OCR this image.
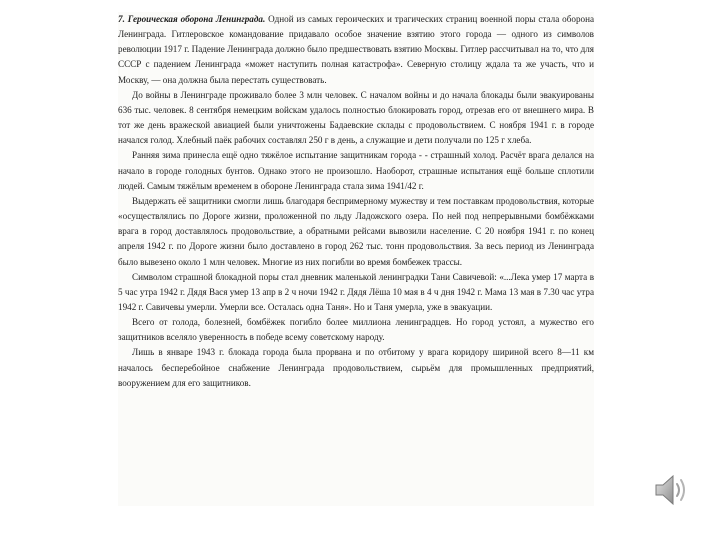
7. Героическая оборона Ленинграда. Одной из самых героических и трагических страниц военной поры стала оборона Ленинграда. Гитлеровское командование придавало особое значение взятию этого города — одного из символов революции 1917 г. Падение Ленинграда должно было предшествовать взятию Москвы. Гитлер рассчитывал на то, что для СССР с падением Ленинграда «может наступить полная катастрофа». Северную столицу ждала та же участь, что и Москву, — она должна была перестать существовать.

До войны в Ленинграде проживало более 3 млн человек. С началом войны и до начала блокады были эвакуированы 636 тыс. человек. 8 сентября немецким войскам удалось полностью блокировать город, отрезав его от внешнего мира. В тот же день вражеской авиацией были уничтожены Бадаевские склады с продовольствием. С ноября 1941 г. в городе начался голод. Хлебный паёк рабочих составлял 250 г в день, а служащие и дети получали по 125 г хлеба.

Ранняя зима принесла ещё одно тяжёлое испытание защитникам города - - страшный холод. Расчёт врага делался на начало в городе голодных бунтов. Однако этого не произошло. Наоборот, страшные испытания ещё больше сплотили людей. Самым тяжёлым временем в обороне Ленинграда стала зима 1941/42 г.

Выдержать её защитники смогли лишь благодаря беспримерному мужеству и тем поставкам продовольствия, которые «осуществлялись по Дороге жизни, проложенной по льду Ладожского озера. По ней под непрерывными бомбёжками врага в город доставлялось продовольствие, а обратными рейсами вывозили население. С 20 ноября 1941 г. по конец апреля 1942 г. по Дороге жизни было доставлено в город 262 тыс. тонн продовольствия. За весь период из Ленинграда было вывезено около 1 млн человек. Многие из них погибли во время бомбежек трассы.

Символом страшной блокадной поры стал дневник маленькой ленинградки Тани Савичевой: «...Лека умер 17 марта в 5 час утра 1942 г. Дядя Вася умер 13 апр в 2 ч ночи 1942 г. Дядя Лёша 10 мая в 4 ч дня 1942 г. Мама 13 мая в 7.30 час утра 1942 г. Савичевы умерли. Умерли все. Осталась одна Таня». Но и Таня умерла, уже в эвакуации.

Всего от голода, болезней, бомбёжек погибло более миллиона ленинградцев. Но город устоял, а мужество его защитников вселяло уверенность в победе всему советскому народу.

Лишь в январе 1943 г. блокада города была прорвана и по отбитому у врага коридору шириной всего 8—11 км началось бесперебойное снабжение Ленинграда продовольствием, сырьём для промышленных предприятий, вооружением для его защитников.
